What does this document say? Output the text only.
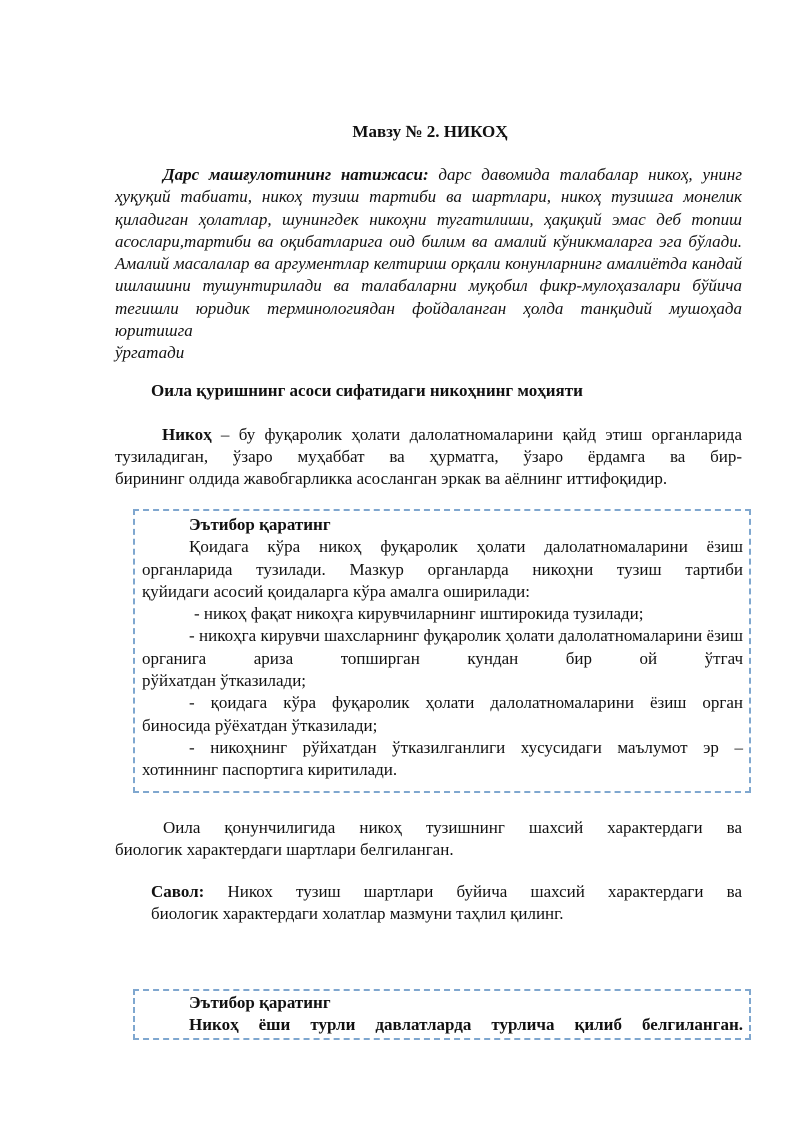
Мавзу № 2. НИКОҲ
Дарс машғулотининг натижаси: дарс давомида талабалар никоҳ, унинг ҳуқуқий табиати, никоҳ тузиш тартиби ва шартлари, никоҳ тузишга монелик қиладиган ҳолатлар, шунингдек никоҳни тугатилиши, ҳақиқий эмас деб топиш асослари,тартиби ва оқибатларига оид билим ва амалий кўникмаларга эга бўлади. Амалий масалалар ва аргументлар келтириш орқали конунларнинг амалиётда кандай ишлашини тушунтирилади ва талабаларни муқобил фикр-мулоҳазалари бўйича тегишли юридик терминологиядан фойдаланган ҳолда танқидий мушоҳада юритишга
ўргатади
Оила қуришнинг асоси сифатидаги никоҳнинг моҳияти
Никоҳ – бу фуқаролик ҳолати далолатномаларини қайд этиш органларида тузиладиган, ўзаро муҳаббат ва ҳурматга, ўзаро ёрдамга ва бир-
бирининг олдида жавобгарликка асосланган эркак ва аёлнинг иттифоқидир.
Эътибор қаратинг
Қоидага кўра никоҳ фуқаролик ҳолати далолатномаларини ёзиш органларида тузилади. Мазкур органларда никоҳни тузиш тартиби
қуйидаги асосий қоидаларга кўра амалга оширилади:
- никоҳ фақат никоҳга кирувчиларнинг иштирокида тузилади;
- никоҳга кирувчи шахсларнинг фуқаролик ҳолати далолатномаларини ёзиш органига ариза топширган кундан бир ой ўтгач
рўйхатдан ўтказилади;
- қоидага кўра фуқаролик ҳолати далолатномаларини ёзиш орган
биносида рўёхатдан ўтказилади;
- никоҳнинг рўйхатдан ўтказилганлиги хусусидаги маълумот эр –
хотиннинг паспортига киритилади.
Оила қонунчилигида никоҳ тузишнинг шахсий характердаги ва
биологик характердаги шартлари белгиланган.
Савол: Никох тузиш шартлари буйича шахсий характердаги ва
биологик характердаги холатлар мазмуни таҳлил қилинг.
Эътибор қаратинг
Никоҳ ёши турли давлатларда турлича қилиб белгиланган.
